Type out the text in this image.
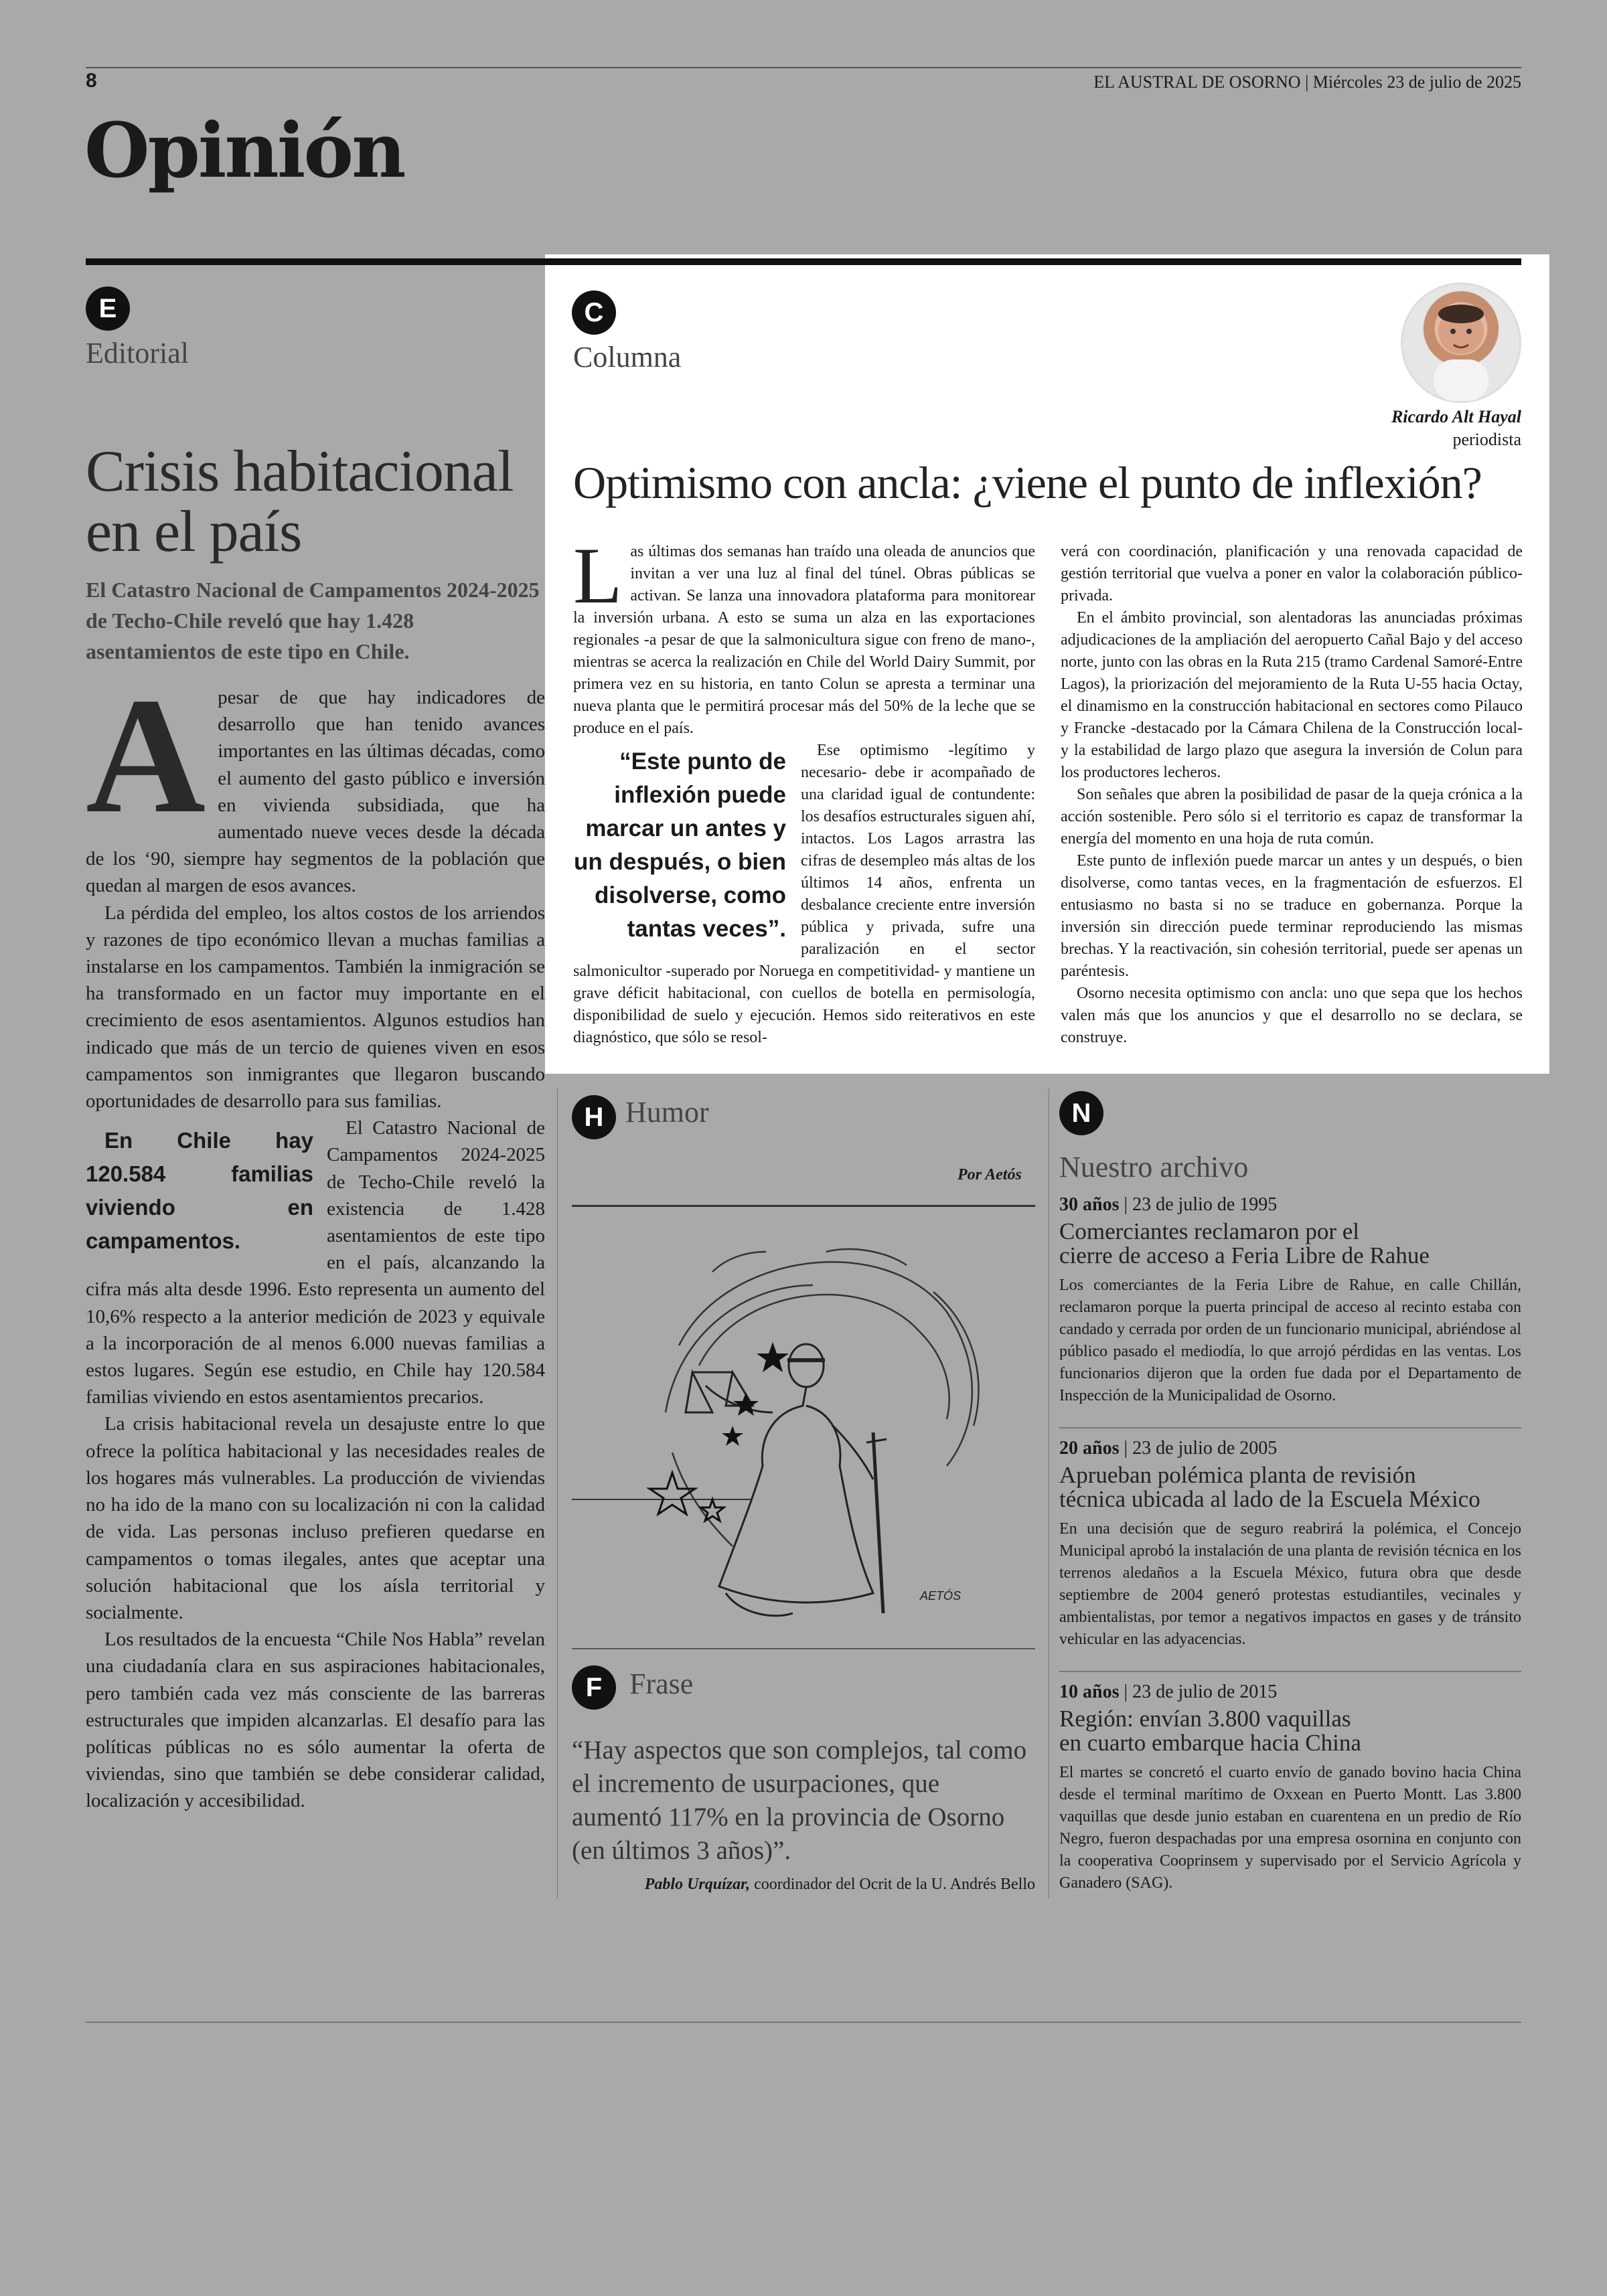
8	EL AUSTRAL DE OSORNO | Miércoles 23 de julio de 2025
Opinión
E
Editorial
Crisis habitacional
en el país
El Catastro Nacional de Campamentos 2024-2025 de Techo-Chile reveló que hay 1.428 asentamientos de este tipo en Chile.

Apesar de que hay indicadores de desarrollo que han tenido avances importantes en las últimas décadas, como el aumento del gasto público e inversión en vivienda subsidiada, que ha aumentado nueve veces desde la década de los ‘90, siempre hay segmentos de la población que quedan al margen de esos avances.

La pérdida del empleo, los altos costos de los arriendos y razones de tipo económico llevan a muchas familias a instalarse en los campamentos. También la inmigración se ha transformado en un factor muy importante en el crecimiento de esos asentamientos. Algunos estudios han indicado que más de un tercio de quienes viven en esos campamentos son inmigrantes que llegaron buscando oportunidades de desarrollo para sus familias.

En Chile hay 120.584 familias viviendo en campamentos.
El Catastro Nacional de Campamentos 2024-2025 de Techo-Chile reveló la existencia de 1.428 asentamientos de este tipo en el país, alcanzando la cifra más alta desde 1996. Esto representa un aumento del 10,6% respecto a la anterior medición de 2023 y equivale a la incorporación de al menos 6.000 nuevas familias a estos lugares. Según ese estudio, en Chile hay 120.584 familias viviendo en estos asentamientos precarios.

La crisis habitacional revela un desajuste entre lo que ofrece la política habitacional y las necesidades reales de los hogares más vulnerables. La producción de viviendas no ha ido de la mano con su localización ni con la calidad de vida. Las personas incluso prefieren quedarse en campamentos o tomas ilegales, antes que aceptar una solución habitacional que los aísla territorial y socialmente.

Los resultados de la encuesta “Chile Nos Habla” revelan una ciudadanía clara en sus aspiraciones habitacionales, pero también cada vez más consciente de las barreras estructurales que impiden alcanzarlas. El desafío para las políticas públicas no es sólo aumentar la oferta de viviendas, sino que también se debe considerar calidad, localización y accesibilidad.

C
Columna
Ricardo Alt Hayal
periodista
Optimismo con ancla: ¿viene el punto de inflexión?

Las últimas dos semanas han traído una oleada de anuncios que invitan a ver una luz al final del túnel. Obras públicas se activan. Se lanza una innovadora plataforma para monitorear la inversión urbana. A esto se suma un alza en las exportaciones regionales -a pesar de que la salmonicultura sigue con freno de mano-, mientras se acerca la realización en Chile del World Dairy Summit, por primera vez en su historia, en tanto Colun se apresta a terminar una nueva planta que le permitirá procesar más del 50% de la leche que se produce en el país.

“Este punto de inflexión puede marcar un antes y un después, o bien disolverse, como tantas veces”.
Ese optimismo -legítimo y necesario- debe ir acompañado de una claridad igual de contundente: los desafíos estructurales siguen ahí, intactos. Los Lagos arrastra las cifras de desempleo más altas de los últimos 14 años, enfrenta un desbalance creciente entre inversión pública y privada, sufre una paralización en el sector salmonicultor -superado por Noruega en competitividad- y mantiene un grave déficit habitacional, con cuellos de botella en permisología, disponibilidad de suelo y ejecución. Hemos sido reiterativos en este diagnóstico, que sólo se resol-

verá con coordinación, planificación y una renovada capacidad de gestión territorial que vuelva a poner en valor la colaboración público-privada.

En el ámbito provincial, son alentadoras las anunciadas próximas adjudicaciones de la ampliación del aeropuerto Cañal Bajo y del acceso norte, junto con las obras en la Ruta 215 (tramo Cardenal Samoré-Entre Lagos), la priorización del mejoramiento de la Ruta U-55 hacia Octay, el dinamismo en la construcción habitacional en sectores como Pilauco y Francke -destacado por la Cámara Chilena de la Construcción local- y la estabilidad de largo plazo que asegura la inversión de Colun para los productores lecheros.

Son señales que abren la posibilidad de pasar de la queja crónica a la acción sostenible. Pero sólo si el territorio es capaz de transformar la energía del momento en una hoja de ruta común.

Este punto de inflexión puede marcar un antes y un después, o bien disolverse, como tantas veces, en la fragmentación de esfuerzos. El entusiasmo no basta si no se traduce en gobernanza. Porque la inversión sin dirección puede terminar reproduciendo las mismas brechas. Y la reactivación, sin cohesión territorial, puede ser apenas un paréntesis.

Osorno necesita optimismo con ancla: uno que sepa que los hechos valen más que los anuncios y que el desarrollo no se declara, se construye.

H Humor
Por Aetós
AETÓS
F Frase
“Hay aspectos que son complejos, tal como el incremento de usurpaciones, que aumentó 117% en la provincia de Osorno (en últimos 3 años)”.
Pablo Urquízar, coordinador del Ocrit de la U. Andrés Bello
N
Nuestro archivo
30 años | 23 de julio de 1995
Comerciantes reclamaron por el
cierre de acceso a Feria Libre de Rahue
Los comerciantes de la Feria Libre de Rahue, en calle Chillán, reclamaron porque la puerta principal de acceso al recinto estaba con candado y cerrada por orden de un funcionario municipal, abriéndose al público pasado el mediodía, lo que arrojó pérdidas en las ventas. Los funcionarios dijeron que la orden fue dada por el Departamento de Inspección de la Municipalidad de Osorno.
20 años | 23 de julio de 2005
Aprueban polémica planta de revisión
técnica ubicada al lado de la Escuela México
En una decisión que de seguro reabrirá la polémica, el Concejo Municipal aprobó la instalación de una planta de revisión técnica en los terrenos aledaños a la Escuela México, futura obra que desde septiembre de 2004 generó protestas estudiantiles, vecinales y ambientalistas, por temor a negativos impactos en gases y de tránsito vehicular en las adyacencias.
10 años | 23 de julio de 2015
Región: envían 3.800 vaquillas
en cuarto embarque hacia China
El martes se concretó el cuarto envío de ganado bovino hacia China desde el terminal marítimo de Oxxean en Puerto Montt. Las 3.800 vaquillas que desde junio estaban en cuarentena en un predio de Río Negro, fueron despachadas por una empresa osornina en conjunto con la cooperativa Cooprinsem y supervisado por el Servicio Agrícola y Ganadero (SAG).
